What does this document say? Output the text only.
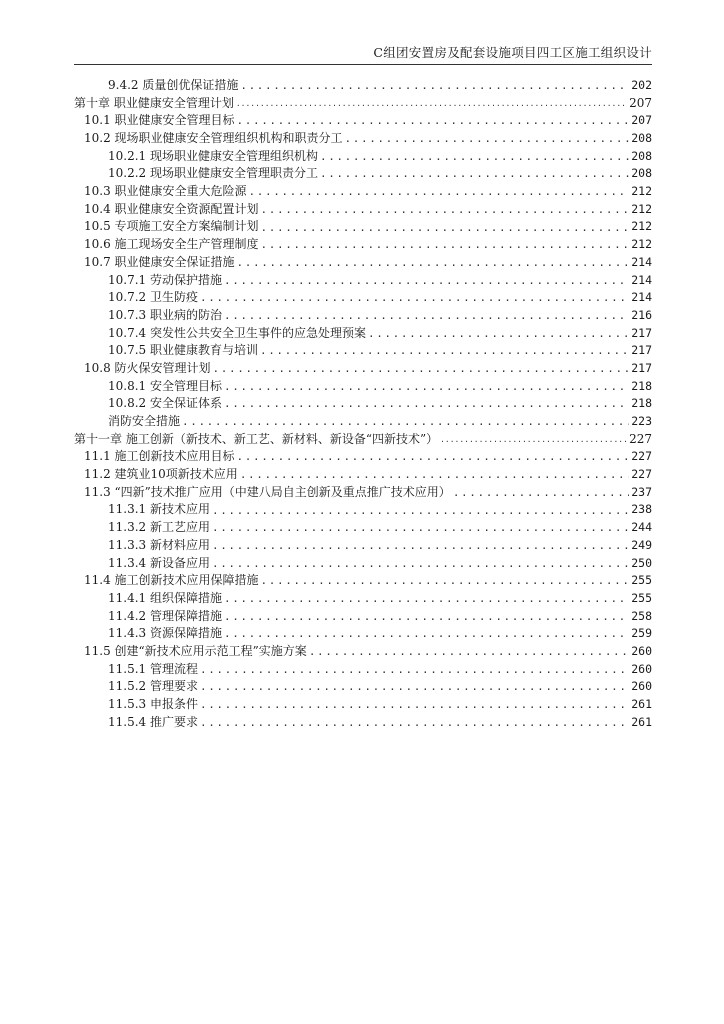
C组团安置房及配套设施项目四工区施工组织设计
9.4.2 质量创优保证措施 .....	202
第十章 职业健康安全管理计划 .....	207
10.1 职业健康安全管理目标 .....	207
10.2 现场职业健康安全管理组织机构和职责分工 .....	208
10.2.1 现场职业健康安全管理组织机构 .....	208
10.2.2 现场职业健康安全管理职责分工 .....	208
10.3 职业健康安全重大危险源 .....	212
10.4 职业健康安全资源配置计划 .....	212
10.5 专项施工安全方案编制计划 .....	212
10.6 施工现场安全生产管理制度 .....	212
10.7 职业健康安全保证措施 .....	214
10.7.1 劳动保护措施 .....	214
10.7.2 卫生防疫 .....	214
10.7.3 职业病的防治 .....	216
10.7.4 突发性公共安全卫生事件的应急处理预案 .....	217
10.7.5 职业健康教育与培训 .....	217
10.8 防火保安管理计划 .....	217
10.8.1 安全管理目标 .....	218
10.8.2 安全保证体系 .....	218
消防安全措施 .....	223
第十一章 施工创新（新技术、新工艺、新材料、新设备“四新技术”） .....	227
11.1 施工创新技术应用目标 .....	227
11.2 建筑业10项新技术应用 .....	227
11.3 “四新”技术推广应用（中建八局自主创新及重点推广技术应用） .....	237
11.3.1 新技术应用 .....	238
11.3.2 新工艺应用 .....	244
11.3.3 新材料应用 .....	249
11.3.4 新设备应用 .....	250
11.4 施工创新技术应用保障措施 .....	255
11.4.1 组织保障措施 .....	255
11.4.2 管理保障措施 .....	258
11.4.3 资源保障措施 .....	259
11.5 创建“新技术应用示范工程”实施方案 .....	260
11.5.1 管理流程 .....	260
11.5.2 管理要求 .....	260
11.5.3 申报条件 .....	261
11.5.4 推广要求 .....	261
